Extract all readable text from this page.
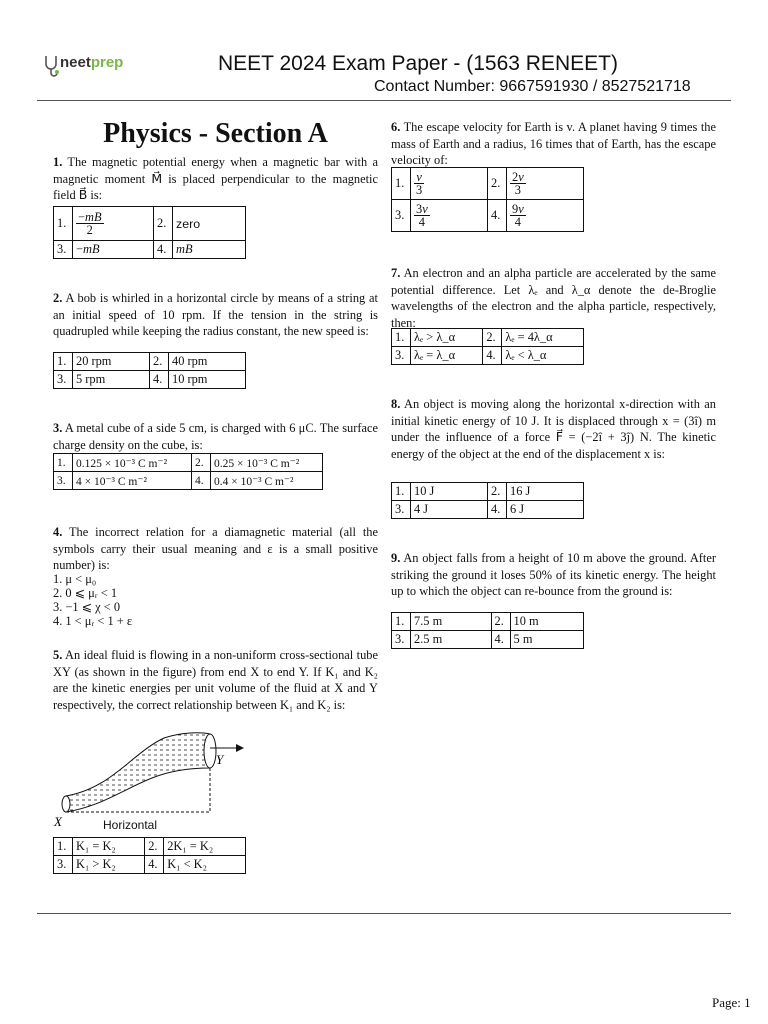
neetprep	NEET 2024 Exam Paper - (1563 RENEET)
Contact Number: 9667591930 / 8527521718
Physics - Section A
1. The magnetic potential energy when a magnetic bar with a magnetic moment M⃗ is placed perpendicular to the magnetic field B⃗ is:
1.	$\frac{-mB}{2}$	2.	zero
3.	−mB	4.	mB
2. A bob is whirled in a horizontal circle by means of a string at an initial speed of 10 rpm. If the tension in the string is quadrupled while keeping the radius constant, the new speed is:
1.	20 rpm	2.	40 rpm
3.	5 rpm	4.	10 rpm
3. A metal cube of a side 5 cm, is charged with 6 μC. The surface charge density on the cube, is:
1.	0.125 × 10⁻³ C m⁻²	2.	0.25 × 10⁻³ C m⁻²
3.	4 × 10⁻³ C m⁻²	4.	0.4 × 10⁻³ C m⁻²
4. The incorrect relation for a diamagnetic material (all the symbols carry their usual meaning and ε is a small positive number) is:
1. μ < μ₀
2. 0 ⩽ μᵣ < 1
3. −1 ⩽ χ < 0
4. 1 < μᵣ < 1 + ε
5. An ideal fluid is flowing in a non-uniform cross-sectional tube XY (as shown in the figure) from end X to end Y. If K₁ and K₂ are the kinetic energies per unit volume of the fluid at X and Y respectively, the correct relationship between K₁ and K₂ is:
X
Y
Horizontal
1.	K₁ = K₂	2.	2K₁ = K₂
3.	K₁ > K₂	4.	K₁ < K₂
6. The escape velocity for Earth is v. A planet having 9 times the mass of Earth and a radius, 16 times that of Earth, has the escape velocity of:
1.	$\frac{v}{3}$	2.	$\frac{2v}{3}$

3.	$\frac{3v}{4}$	4.	$\frac{9v}{4}$
7. An electron and an alpha particle are accelerated by the same potential difference. Let λₑ and λ_α denote the de-Broglie wavelengths of the electron and the alpha particle, respectively, then:
1.	λₑ > λ_α	2.	λₑ = 4λ_α
3.	λₑ = λ_α	4.	λₑ < λ_α
8. An object is moving along the horizontal x-direction with an initial kinetic energy of 10 J. It is displaced through x = (3î) m under the influence of a force F⃗ = (−2î + 3ĵ) N. The kinetic energy of the object at the end of the displacement x is:
1.	10 J	2.	16 J
3.	4 J	4.	6 J
9. An object falls from a height of 10 m above the ground. After striking the ground it loses 50% of its kinetic energy. The height up to which the object can re-bounce from the ground is:
1.	7.5 m	2.	10 m
3.	2.5 m	4.	5 m
Page: 1
